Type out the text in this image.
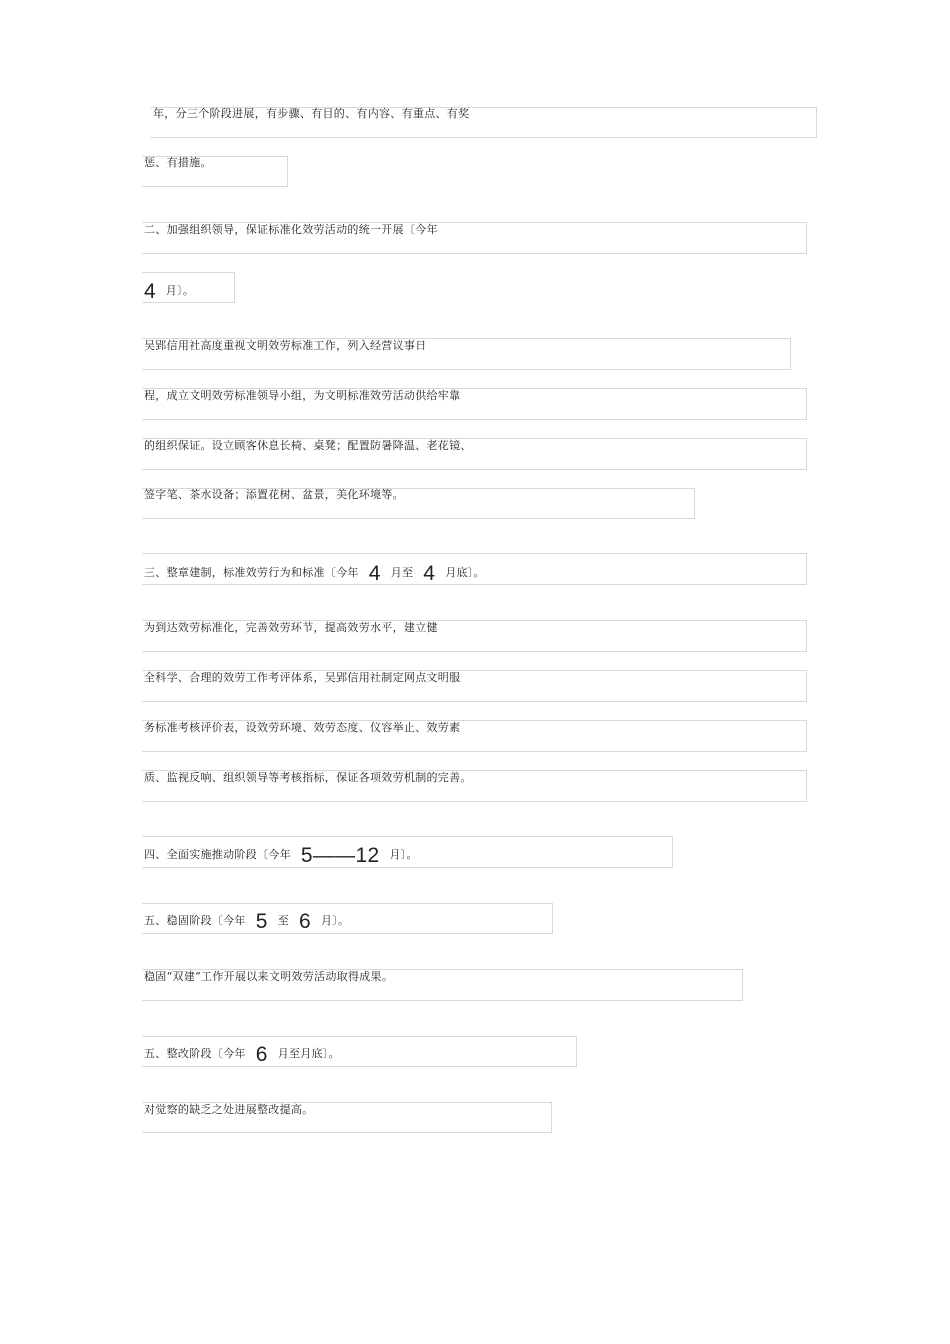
年，分三个阶段进展，有步骤、有目的、有内容、有重点、有奖
惩、有措施。
二、加强组织领导，保证标准化效劳活动的统一开展〔今年
4 月〕。
吴郢信用社高度重视文明效劳标准工作，列入经营议事日
程，成立文明效劳标准领导小组，为文明标准效劳活动供给牢靠
的组织保证。设立顾客休息长椅、桌凳；配置防暑降温、老花镜、
签字笔、茶水设备；添置花树、盆景，美化环境等。
三、整章建制，标准效劳行为和标准〔今年 4 月至 4 月底〕。
为到达效劳标准化，完善效劳环节，提高效劳水平，建立健
全科学、合理的效劳工作考评体系，吴郢信用社制定网点文明服
务标准考核评价表，设效劳环境、效劳态度、仪容举止、效劳素
质、监视反响、组织领导等考核指标，保证各项效劳机制的完善。
四、全面实施推动阶段〔今年 5——12 月〕。
五、稳固阶段〔今年 5 至 6 月〕。
稳固“双建”工作开展以来文明效劳活动取得成果。
五、整改阶段〔今年 6 月至月底〕。
对觉察的缺乏之处进展整改提高。
